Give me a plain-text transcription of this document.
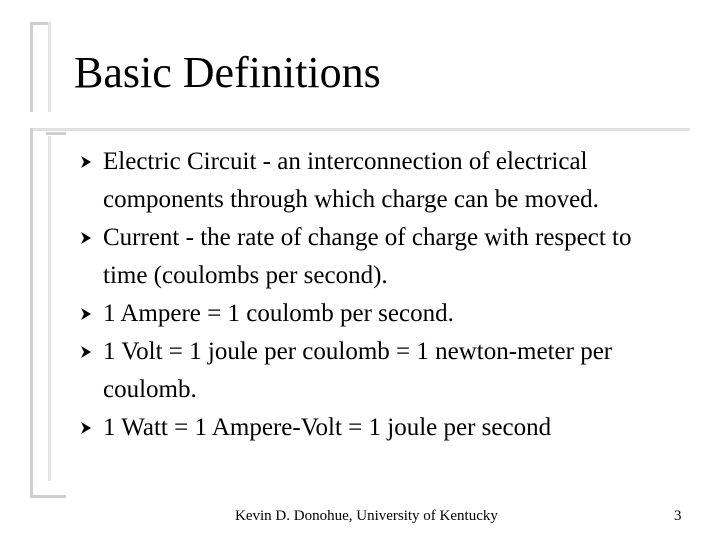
Basic Definitions
Electric Circuit - an interconnection of electrical components through which charge can be moved.
Current - the rate of change of charge with respect to time (coulombs per second).
1 Ampere = 1 coulomb per second.
1 Volt = 1 joule per coulomb = 1 newton-meter per coulomb.
1 Watt = 1 Ampere-Volt = 1 joule per second
Kevin D. Donohue, University of Kentucky	3
